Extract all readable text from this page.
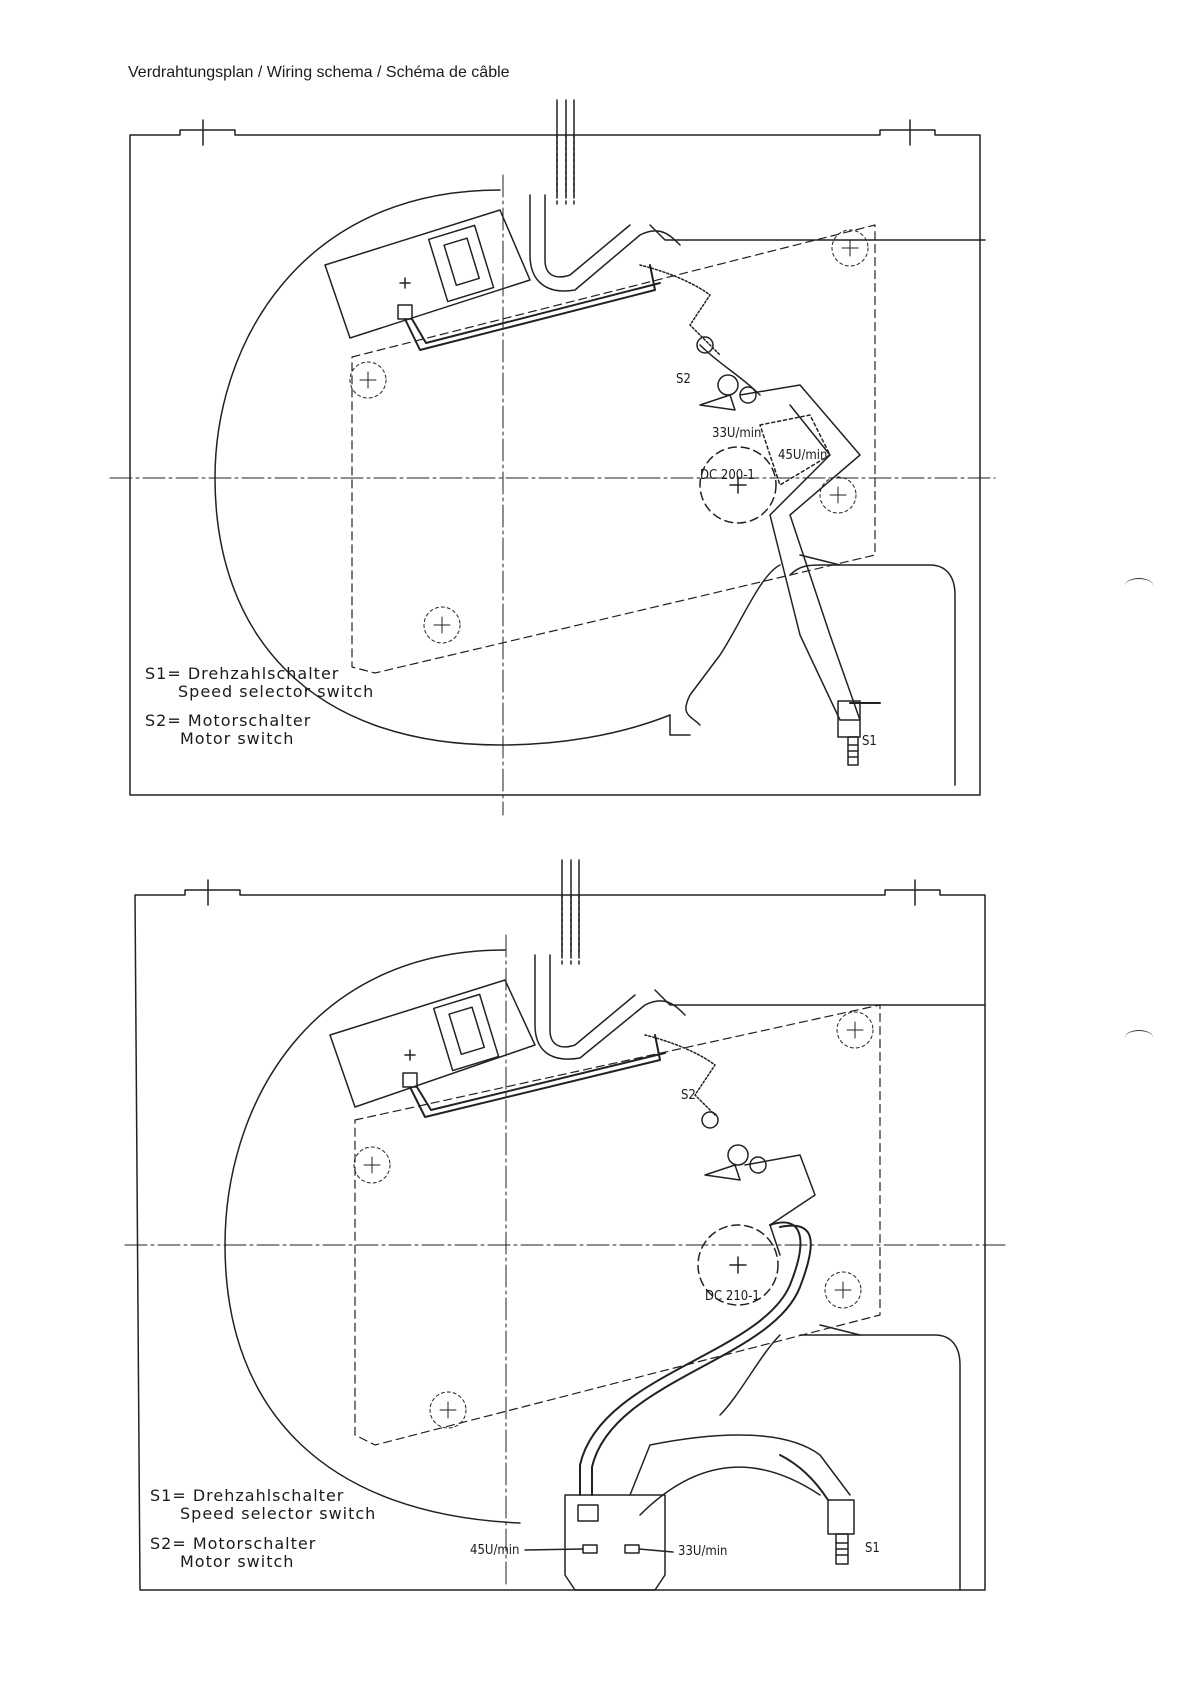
Verdrahtungsplan / Wiring schema / Schéma de câble
S2
33U/min
45U/min
DC 200-1
S1
S1= Drehzahlschalter
Speed selector switch
S2= Motorschalter
Motor switch
S2
DC 210-1
45U/min	33U/min	S1
S1= Drehzahlschalter
Speed selector switch
S2= Motorschalter
Motor switch
